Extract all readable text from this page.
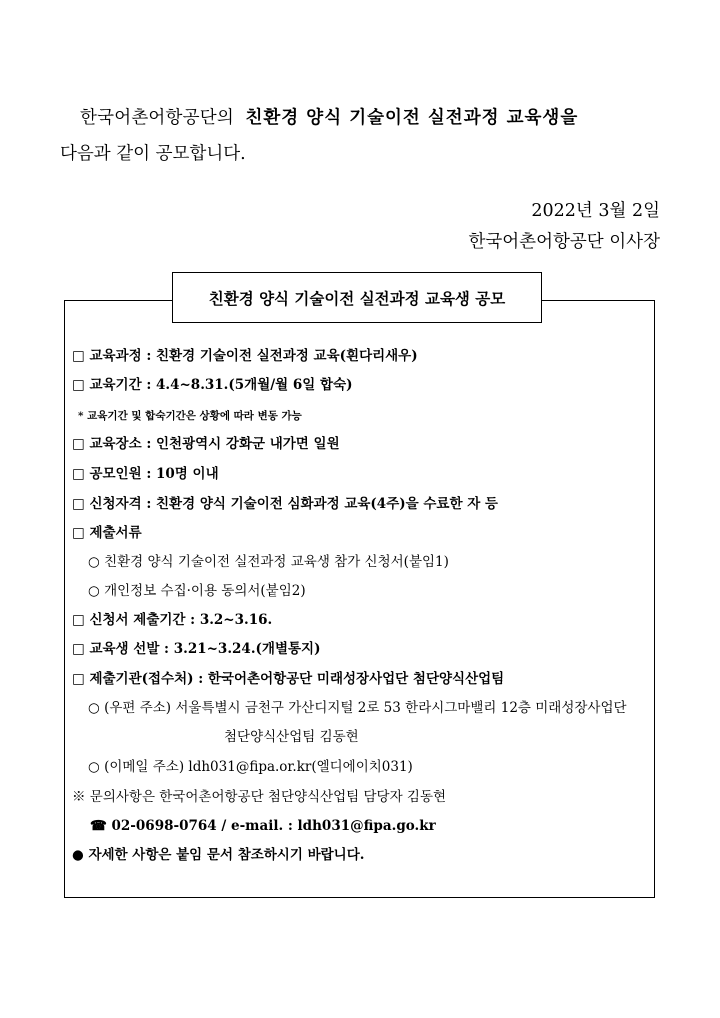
한국어촌어항공단의 친환경 양식 기술이전 실전과정 교육생을
다음과 같이 공모합니다.
2022년 3월 2일
한국어촌어항공단 이사장
친환경 양식 기술이전 실전과정 교육생 공모
□ 교육과정 : 친환경 기술이전 실전과정 교육(흰다리새우)
□ 교육기간 : 4.4~8.31.(5개월/월 6일 합숙)
* 교육기간 및 합숙기간은 상황에 따라 변동 가능
□ 교육장소 : 인천광역시 강화군 내가면 일원
□ 공모인원 : 10명 이내
□ 신청자격 : 친환경 양식 기술이전 심화과정 교육(4주)을 수료한 자 등
□ 제출서류
○ 친환경 양식 기술이전 실전과정 교육생 참가 신청서(붙임1)
○ 개인정보 수집·이용 동의서(붙임2)
□ 신청서 제출기간 : 3.2~3.16.
□ 교육생 선발 : 3.21~3.24.(개별통지)
□ 제출기관(접수처) : 한국어촌어항공단 미래성장사업단 첨단양식산업팀
○ (우편 주소) 서울특별시 금천구 가산디지털 2로 53 한라시그마밸리 12층 미래성장사업단
첨단양식산업팀 김동현
○ (이메일 주소) ldh031@fipa.or.kr(엘디에이치031)
※ 문의사항은 한국어촌어항공단 첨단양식산업팀 담당자 김동현
☎ 02-0698-0764 / e-mail. : ldh031@fipa.go.kr
● 자세한 사항은 붙임 문서 참조하시기 바랍니다.
